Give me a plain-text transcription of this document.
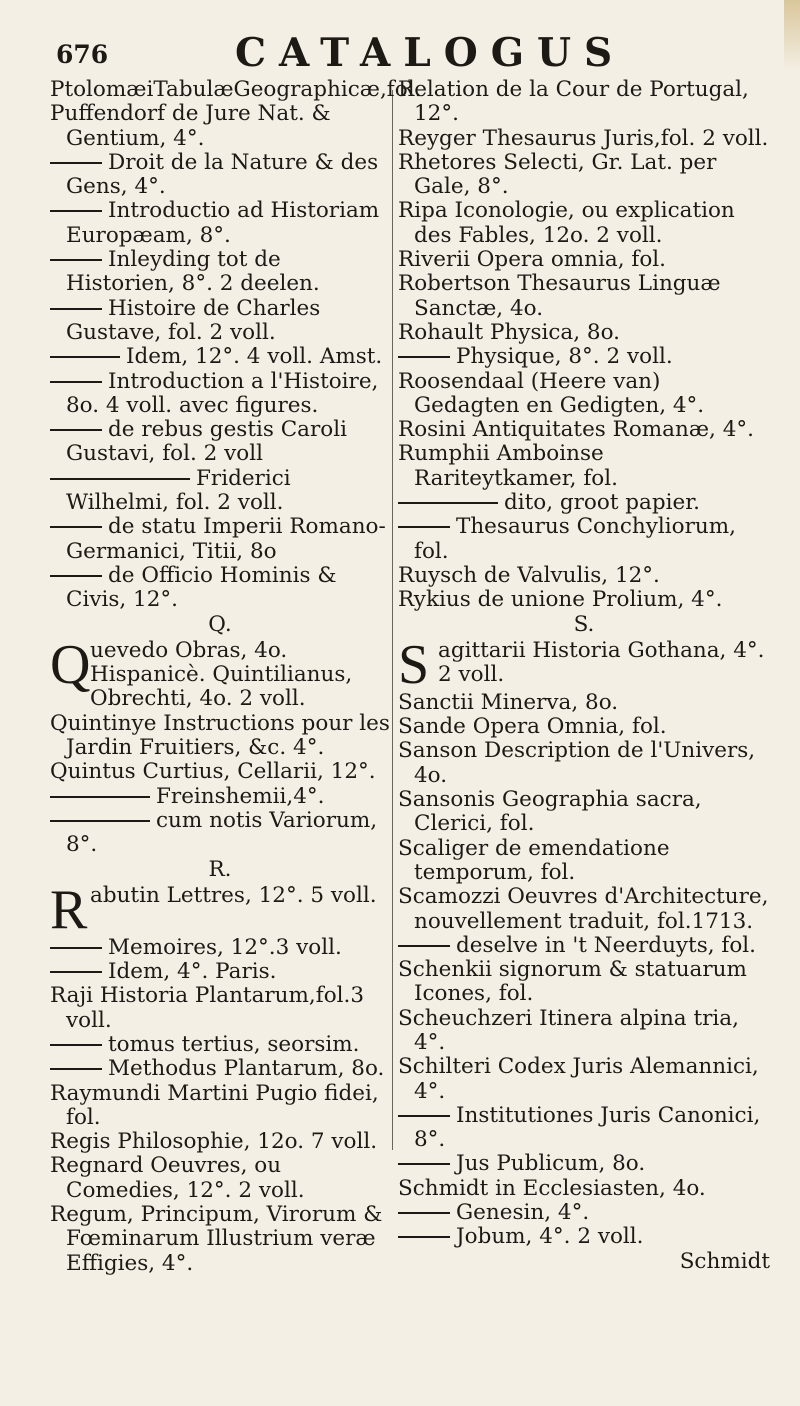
676	CATALOGUS

PtolomæiTabulæGeographicæ,fol.

Puffendorf de Jure Nat. & Gentium, 4°.

Droit de la Nature & des Gens, 4°.

Introductio ad Historiam Europæam, 8°.

Inleyding tot de Historien, 8°. 2 deelen.

Histoire de Charles Gustave, fol. 2 voll.

Idem, 12°. 4 voll. Amst.

Introduction a l'Histoire, 8o. 4 voll. avec figures.

de rebus gestis Caroli Gustavi, fol. 2 voll

Friderici Wilhelmi, fol. 2 voll.

de statu Imperii Romano-Germanici, Titii, 8o

de Officio Hominis & Civis, 12°.

Q.

Q uevedo Obras, 4o. Hispanicè. Quintilianus, Obrechti, 4o. 2 voll.

Quintinye Instructions pour les Jardin Fruitiers, &c. 4°.

Quintus Curtius, Cellarii, 12°.

Freinshemii,4°.

cum notis Variorum, 8°.

R.

R abutin Lettres, 12°. 5 voll.

Memoires, 12°.3 voll.

Idem, 4°. Paris.

Raji Historia Plantarum,fol.3 voll.

tomus tertius, seorsim.

Methodus Plantarum, 8o.

Raymundi Martini Pugio fidei, fol.

Regis Philosophie, 12o. 7 voll.

Regnard Oeuvres, ou Comedies, 12°. 2 voll.

Regum, Principum, Virorum & Fœminarum Illustrium veræ Effigies, 4°.

Relation de la Cour de Portugal, 12°.

Reyger Thesaurus Juris,fol. 2 voll.

Rhetores Selecti, Gr. Lat. per Gale, 8°.

Ripa Iconologie, ou explication des Fables, 12o. 2 voll.

Riverii Opera omnia, fol.

Robertson Thesaurus Linguæ Sanctæ, 4o.

Rohault Physica, 8o.

Physique, 8°. 2 voll.

Roosendaal (Heere van) Gedagten en Gedigten, 4°.

Rosini Antiquitates Romanæ, 4°.

Rumphii Amboinse Rariteytkamer, fol.

dito, groot papier.

Thesaurus Conchyliorum, fol.

Ruysch de Valvulis, 12°.

Rykius de unione Prolium, 4°.

S.

S agittarii Historia Gothana, 4°. 2 voll.

Sanctii Minerva, 8o.

Sande Opera Omnia, fol.

Sanson Description de l'Univers, 4o.

Sansonis Geographia sacra, Clerici, fol.

Scaliger de emendatione temporum, fol.

Scamozzi Oeuvres d'Architecture, nouvellement traduit, fol.1713.

deselve in 't Neerduyts, fol.

Schenkii signorum & statuarum Icones, fol.

Scheuchzeri Itinera alpina tria, 4°.

Schilteri Codex Juris Alemannici, 4°.

Institutiones Juris Canonici, 8°.

Jus Publicum, 8o.

Schmidt in Ecclesiasten, 4o.

Genesin, 4°.

Jobum, 4°. 2 voll.

Schmidt
